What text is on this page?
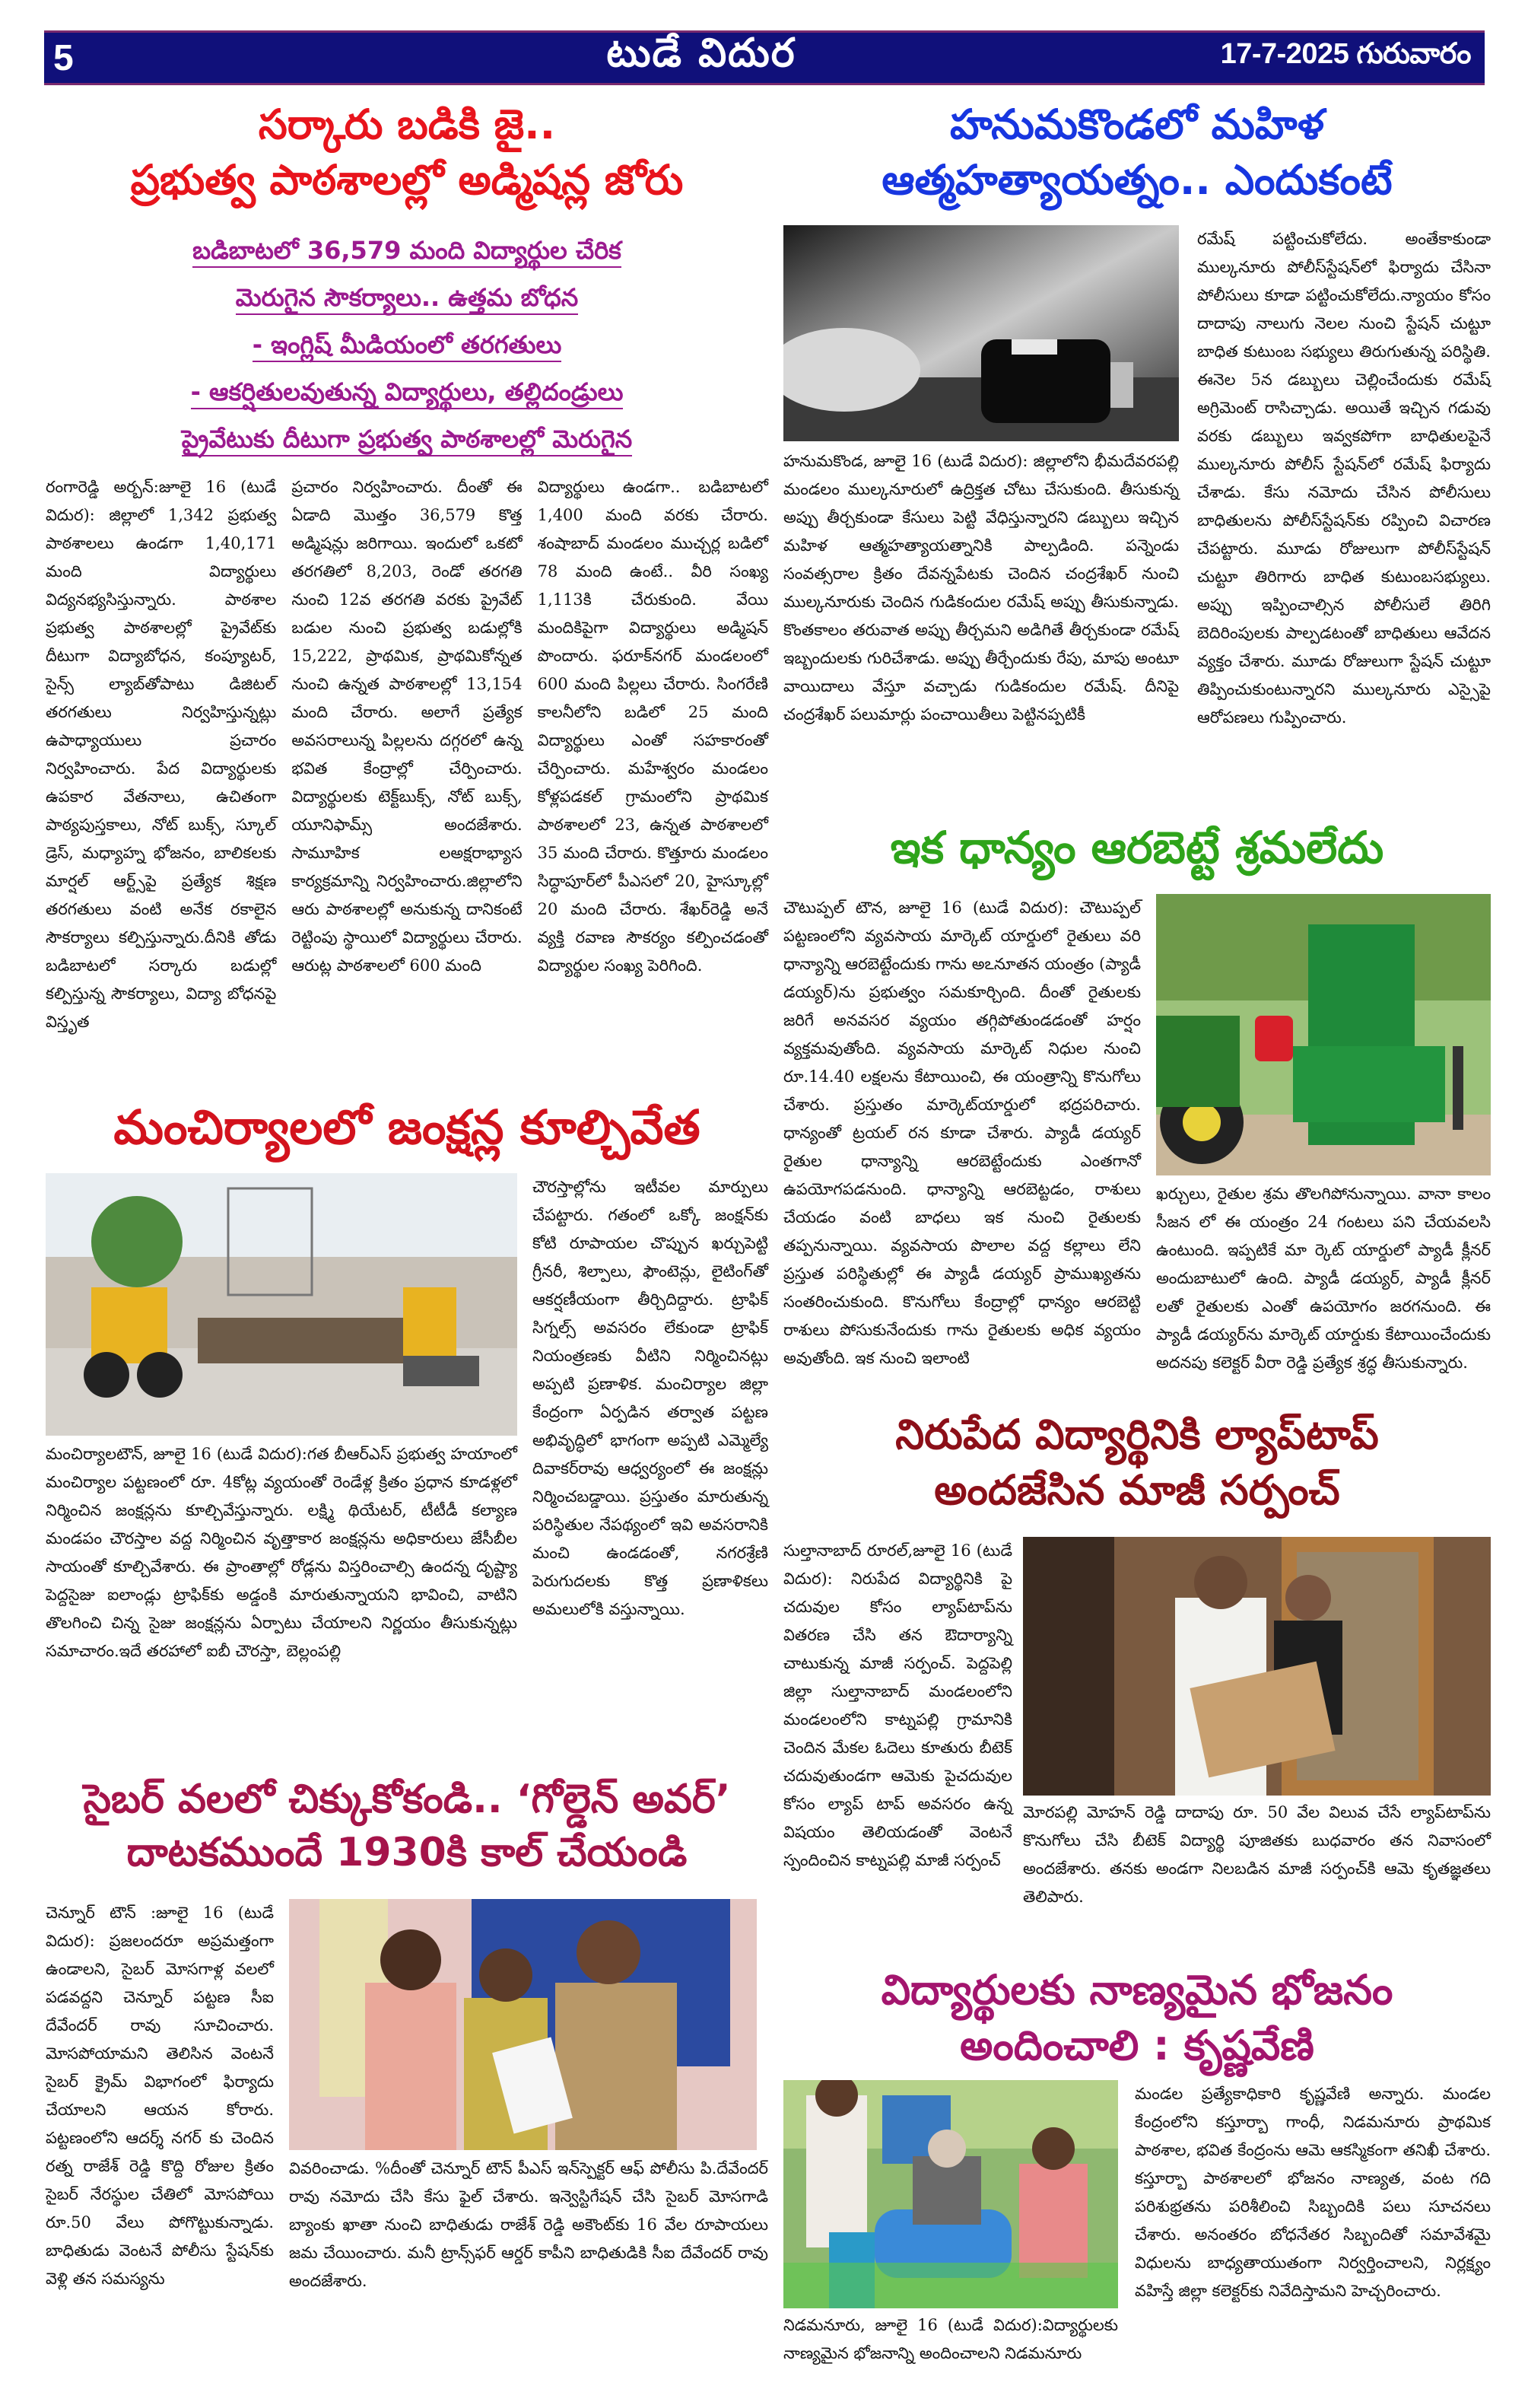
5	టుడే విదుర	17-7-2025 గురువారం
సర్కారు బడికి జై..
ప్రభుత్వ పాఠశాలల్లో అడ్మిషన్ల జోరు
బడిబాటలో 36,579 మంది విద్యార్థుల చేరిక
మెరుగైన సౌకర్యాలు.. ఉత్తమ బోధన
- ఇంగ్లిష్ మీడియంలో తరగతులు
- ఆకర్షితులవుతున్న విద్యార్థులు, తల్లిదండ్రులు
ప్రైవేటుకు దీటుగా ప్రభుత్వ పాఠశాలల్లో మెరుగైన
రంగారెడ్డి అర్బన్:జూలై 16 (టుడే విదుర): జిల్లాలో 1,342 ప్రభుత్వ పాఠశాలలు ఉండగా 1,40,171 మంది విద్యార్థులు విద్యనభ్యసిస్తున్నారు. పాఠశాల ప్రభుత్వ పాఠశాలల్లో ప్రైవేట్‌కు దీటుగా విద్యాబోధన, కంప్యూటర్, సైన్స్ ల్యాబ్‌తోపాటు డిజిటల్ తరగతులు నిర్వహిస్తున్నట్లు ఉపాధ్యాయులు ప్రచారం నిర్వహించారు. పేద విద్యార్థులకు ఉపకార వేతనాలు, ఉచితంగా పాఠ్యపుస్తకాలు, నోట్ బుక్స్, స్కూల్ డ్రెస్, మధ్యాహ్న భోజనం, బాలికలకు మార్షల్ ఆర్ట్స్‌పై ప్రత్యేక శిక్షణ తరగతులు వంటి అనేక రకాలైన సౌకర్యాలు కల్పిస్తున్నారు.దీనికి తోడు బడిబాటలో సర్కారు బడుల్లో కల్పిస్తున్న సౌకర్యాలు, విద్యా బోధనపై విస్తృత
ప్రచారం నిర్వహించారు. దీంతో ఈ ఏడాది మొత్తం 36,579 కొత్త అడ్మిషన్లు జరిగాయి. ఇందులో ఒకటో తరగతిలో 8,203, రెండో తరగతి నుంచి 12వ తరగతి వరకు ప్రైవేట్ బడుల నుంచి ప్రభుత్వ బడుల్లోకి 15,222, ప్రాథమిక, ప్రాథమికోన్నత నుంచి ఉన్నత పాఠశాలల్లో 13,154 మంది చేరారు. అలాగే ప్రత్యేక అవసరాలున్న పిల్లలను దగ్గరలో ఉన్న భవిత కేంద్రాల్లో చేర్పించారు. విద్యార్థులకు టెక్ట్‌బుక్స్, నోట్ బుక్స్, యూనిఫామ్స్ అందజేశారు. సామూహిక లఅక్షరాభ్యాస కార్యక్రమాన్ని నిర్వహించారు.జిల్లాలోని ఆరు పాఠశాలల్లో అనుకున్న దానికంటే రెట్టింపు స్థాయిలో విద్యార్థులు చేరారు. ఆరుట్ల పాఠశాలలో 600 మంది
విద్యార్థులు ఉండగా.. బడిబాటలో 1,400 మంది వరకు చేరారు. శంషాబాద్ మండలం ముచ్చర్ల బడిలో 78 మంది ఉంటే.. వీరి సంఖ్య 1,113కి చేరుకుంది. వేయి మందికిపైగా విద్యార్థులు అడ్మిషన్ పొందారు. ఫరూక్‌నగర్ మండలంలో 600 మంది పిల్లలు చేరారు. సింగరేణి కాలనీలోని బడిలో 25 మంది విద్యార్థులు ఎంతో సహకారంతో చేర్పించారు. మహేశ్వరం మండలం కోళ్లపడకల్ గ్రామంలోని ప్రాథమిక పాఠశాలలో 23, ఉన్నత పాఠశాలలో 35 మంది చేరారు. కొత్తూరు మండలం సిద్ధాపూర్‌లో పీఎస‌లో 20, హైస్కూల్లో 20 మంది చేరారు. శేఖర్‌రెడ్డి అనే వ్యక్తి రవాణ సౌకర్యం కల్పించడంతో విద్యార్థుల సంఖ్య పెరిగింది.
హనుమకొండలో మహిళ
ఆత్మహత్యాయత్నం.. ఎందుకంటే
హనుమకొండ, జూలై 16 (టుడే విదుర): జిల్లాలోని భీమదేవరపల్లి మండలం ముల్కనూరులో ఉద్రిక్తత చోటు చేసుకుంది. తీసుకున్న అప్పు తీర్చకుండా కేసులు పెట్టి వేధిస్తున్నారని డబ్బులు ఇచ్చిన మహిళ ఆత్మహత్యాయత్నానికి పాల్పడింది. పన్నెండు సంవత్సరాల క్రితం దేవన్నపేటకు చెందిన చంద్రశేఖర్ నుంచి ముల్కనూరుకు చెందిన గుడికందుల రమేష్ అప్పు తీసుకున్నాడు. కొంతకాలం తరువాత అప్పు తీర్చమని అడిగితే తీర్చకుండా రమేష్ ఇబ్బందులకు గురిచేశాడు. అప్పు తీర్చేందుకు రేపు, మాపు అంటూ వాయిదాలు వేస్తూ వచ్చాడు గుడికందుల రమేష్. దీనిపై చంద్రశేఖర్ పలుమార్లు పంచాయితీలు పెట్టినప్పటికీ
రమేష్ పట్టించుకోలేదు. అంతేకాకుండా ముల్కనూరు పోలీస్‌స్టేషన్‌లో ఫిర్యాదు చేసినా పోలీసులు కూడా పట్టించుకోలేదు.న్యాయం కోసం దాదాపు నాలుగు నెలల నుంచి స్టేషన్ చుట్టూ బాధిత కుటుంబ సభ్యులు తిరుగుతున్న పరిస్థితి. ఈనెల 5న డబ్బులు చెల్లించేందుకు రమేష్ అగ్రిమెంట్ రాసిచ్చాడు. అయితే ఇచ్చిన గడువు వరకు డబ్బులు ఇవ్వకపోగా బాధితులపైనే ముల్కనూరు పోలీస్ స్టేషన్‌లో రమేష్ ఫిర్యాదు చేశాడు. కేసు నమోదు చేసిన పోలీసులు బాధితులను పోలీస్‌స్టేషన్‌కు రప్పించి విచారణ చేపట్టారు. మూడు రోజులుగా పోలీస్‌స్టేషన్ చుట్టూ తిరిగారు బాధిత కుటుంబసభ్యులు. అప్పు ఇప్పించాల్సిన పోలీసులే తిరిగి బెదిరింపులకు పాల్పడటంతో బాధితులు ఆవేదన వ్యక్తం చేశారు. మూడు రోజులుగా స్టేషన్ చుట్టూ తిప్పించుకుంటున్నారని ముల్కనూరు ఎస్సైపై ఆరోపణలు గుప్పించారు.
ఇక ధాన్యం ఆరబెట్టే శ్రమలేదు
చౌటుప్పల్ టౌన, జూలై 16 (టుడే విదుర): చౌటుప్పల్ పట్టణంలోని వ్యవసాయ మార్కెట్ యార్డులో రైతులు వరి ధాన్యాన్ని ఆరబెట్టేందుకు గాను అఽనూతన యంత్రం (ప్యాడీ డయ్యర్)ను ప్రభుత్వం సమకూర్చింది. దీంతో రైతులకు జరిగే అనవసర వ్యయం తగ్గిపోతుండడంతో హర్షం వ్యక్తమవుతోంది. వ్యవసాయ మార్కెట్ నిధుల నుంచి రూ.14.40 లక్షలను కేటాయించి, ఈ యంత్రాన్ని కొనుగోలు చేశారు. ప్రస్తుతం మార్కెట్‌యార్డులో భద్రపరిచారు. ధాన్యంతో ట్రయల్ రన కూడా చేశారు. ప్యాడీ డయ్యర్ రైతుల ధాన్యాన్ని ఆరబెట్టేందుకు ఎంతగానో ఉపయోగపడనుంది. ధాన్యాన్ని ఆరబెట్టడం, రాశులు చేయడం వంటి బాధలు ఇక నుంచి రైతులకు తప్పనున్నాయి. వ్యవసాయ పొలాల వద్ద కల్లాలు లేని ప్రస్తుత పరిస్థితుల్లో ఈ ప్యాడీ డయ్యర్ ప్రాముఖ్యతను సంతరించుకుంది. కొనుగోలు కేంద్రాల్లో ధాన్యం ఆరబెట్టి రాశులు పోసుకునేందుకు గాను రైతులకు అధిక వ్యయం అవుతోంది. ఇక నుంచి ఇలాంటి
ఖర్చులు, రైతుల శ్రమ తొలగిపోనున్నాయి. వానా కాలం సీజన లో ఈ యంత్రం 24 గంటలు పని చేయవలసి ఉంటుంది. ఇప్పటికే మా ర్కెట్ యార్డులో ప్యాడీ క్లీనర్ అందుబాటులో ఉంది. ప్యాడీ డయ్యర్, ప్యాడీ క్లీనర్ లతో రైతులకు ఎంతో ఉపయోగం జరగనుంది. ఈ ప్యాడీ డయ్యర్‌ను మార్కెట్ యార్డుకు కేటాయించేందుకు అదనపు కలెక్టర్ వీరా రెడ్డి ప్రత్యేక శ్రద్ధ తీసుకున్నారు.
మంచిర్యాలలో జంక్షన్ల కూల్చివేత
మంచిర్యాలటౌన్, జూలై 16 (టుడే విదుర):గత బీఆర్ఎస్ ప్రభుత్వ హయాంలో మంచిర్యాల పట్టణంలో రూ. 4కోట్ల వ్యయంతో రెండేళ్ల క్రితం ప్రధాన కూడళ్లలో నిర్మించిన జంక్షన్లను కూల్చివేస్తున్నారు. లక్ష్మి థియేటర్, టీటీడీ కల్యాణ మండపం చౌరస్తాల వద్ద నిర్మించిన వృత్తాకార జంక్షన్లను అధికారులు జేసీబీల సాయంతో కూల్చివేశారు. ఈ ప్రాంతాల్లో రోడ్లను విస్తరించాల్సి ఉందన్న దృష్ట్యా పెద్దసైజు ఐలాండ్లు ట్రాఫిక్‌కు అడ్డంకి మారుతున్నాయని భావించి, వాటిని తొలగించి చిన్న సైజు జంక్షన్లను ఏర్పాటు చేయాలని నిర్ణయం తీసుకున్నట్లు సమాచారం.ఇదే తరహాలో ఐబీ చౌరస్తా, బెల్లంపల్లి
చౌరస్తాల్లోను ఇటీవల మార్పులు చేపట్టారు. గతంలో ఒక్కో జంక్షన్‌కు కోటి రూపాయల చొప్పున ఖర్చుపెట్టి గ్రీనరీ, శిల్పాలు, ఫౌంటెన్లు, లైటింగ్‌తో ఆకర్షణీయంగా తీర్చిదిద్దారు. ట్రాఫిక్ సిగ్నల్స్ అవసరం లేకుండా ట్రాఫిక్ నియంత్రణకు వీటిని నిర్మించినట్లు అప్పటి ప్రణాళిక. మంచిర్యాల జిల్లా కేంద్రంగా ఏర్పడిన తర్వాత పట్టణ అభివృద్ధిలో భాగంగా అప్పటి ఎమ్మెల్యే దివాకర్‌రావు ఆధ్వర్యంలో ఈ జంక్షన్లు నిర్మించబడ్డాయి. ప్రస్తుతం మారుతున్న పరిస్థితుల నేపథ్యంలో ఇవి అవసరానికి మంచి ఉండడంతో, నగరశ్రేణి పెరుగుదలకు కొత్త ప్రణాళికలు అమలులోకి వస్తున్నాయి.
నిరుపేద విద్యార్థినికి ల్యాప్‌టాప్
అందజేసిన మాజీ సర్పంచ్
సుల్తానాబాద్ రూరల్,జూలై 16 (టుడే విదుర): నిరుపేద విద్యార్థినికి పై చదువుల కోసం ల్యాప్‌టాప్‌ను వితరణ చేసి తన ఔదార్యాన్ని చాటుకున్న మాజీ సర్పంచ్. పెద్దపెల్లి జిల్లా సుల్తానాబాద్ మండలంలోని మండలంలోని కాట్నపల్లి గ్రామానికి చెందిన మేకల ఓదెలు కూతురు బీటెక్ చదువుతుండగా ఆమెకు పైచదువుల కోసం ల్యాప్ టాప్ అవసరం ఉన్న విషయం తెలియడంతో వెంటనే స్పందించిన కాట్నపల్లి మాజీ సర్పంచ్
మోరపల్లి మోహన్ రెడ్డి దాదాపు రూ. 50 వేల విలువ చేసే ల్యాప్‌టాప్‌ను కొనుగోలు చేసి బీటెక్ విద్యార్థి పూజితకు బుధవారం తన నివాసంలో అందజేశారు. తనకు అండగా నిలబడిన మాజీ సర్పంచ్‌కి ఆమె కృతజ్ఞతలు తెలిపారు.
సైబర్ వలలో చిక్కుకోకండి.. ‘గోల్డెన్ అవర్’
దాటకముందే 1930కి కాల్ చేయండి
చెన్నూర్ టౌన్ :జూలై 16 (టుడే విదుర): ప్రజలందరూ అప్రమత్తంగా ఉండాలని, సైబర్ మోసగాళ్ల వలలో పడవద్దని చెన్నూర్ పట్టణ సీఐ దేవేందర్ రావు సూచించారు. మోసపోయామని తెలిసిన వెంటనే సైబర్ క్రైమ్ విభాగంలో ఫిర్యాదు చేయాలని ఆయన కోరారు. పట్టణంలోని ఆదర్శ్ నగర్ కు చెందిన రత్న రాజేశ్ రెడ్డి కొద్ది రోజుల క్రితం సైబర్ నేరస్థుల చేతిలో మోసపోయి రూ.50 వేలు పోగొట్టుకున్నాడు. బాధితుడు వెంటనే పోలీసు స్టేషన్‌కు వెళ్లి తన సమస్యను
వివరించాడు. %దీంతో చెన్నూర్ టౌన్ పీఎస్ ఇన్‌స్పెక్టర్ ఆఫ్ పోలీసు పి.దేవేందర్ రావు నమోదు చేసి కేసు ఫైల్ చేశారు. ఇన్వెస్టిగేషన్ చేసి సైబర్ మోసగాడి బ్యాంకు ఖాతా నుంచి బాధితుడు రాజేశ్ రెడ్డి అకౌంట్‌కు 16 వేల రూపాయలు జమ చేయించారు. మనీ ట్రాన్స్‌ఫర్ ఆర్డర్ కాపీని బాధితుడికి సీఐ దేవేందర్ రావు అందజేశారు.
విద్యార్థులకు నాణ్యమైన భోజనం
అందించాలి : కృష్ణవేణి
నిడమనూరు, జూలై 16 (టుడే విదుర):విద్యార్థులకు నాణ్యమైన భోజనాన్ని అందించాలని నిడమనూరు
మండల ప్రత్యేకాధికారి కృష్ణవేణి అన్నారు. మండల కేంద్రంలోని కస్తూర్బా గాంధీ, నిడమనూరు ప్రాథమిక పాఠశాల, భవిత కేంద్రంను ఆమె ఆకస్మికంగా తనిఖీ చేశారు. కస్తూర్బా పాఠశాలలో భోజనం నాణ్యత, వంట గది పరిశుభ్రతను పరిశీలించి సిబ్బందికి పలు సూచనలు చేశారు. అనంతరం బోధనేతర సిబ్బందితో సమావేశమై విధులను బాధ్యతాయుతంగా నిర్వర్తించాలని, నిర్లక్ష్యం వహిస్తే జిల్లా కలెక్టర్‌కు నివేదిస్తామని హెచ్చరించారు.
